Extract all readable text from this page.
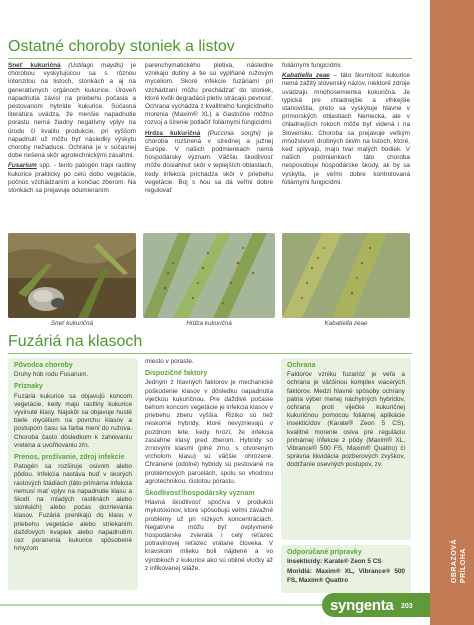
OBRAZOVÁ PRÍLOHA
Ostatné choroby stoniek a listov

Sneť kukuričná (Ustilago maydis) je chorobou vyskytujúcou sa s rôznou intenzitou na listoch, stonkách a aj na generatívnych orgánoch kukurice. Úroveň napadnutia závisí na priebehu počasia a pestovanom hybride kukurice. Súčasná literatúra uvádza, že menšie napadnutie porastu nemá žiadny negatívny vplyv na úrodu či kvalitu produkcie, pri vyššom napadnutí už môžu byť následky výskytu choroby nežiaduce. Ochrana je v súčasnej dobe riešená skôr agrotechnickými zásahmi.

Fusarium spp. - tento patogén trápi rastliny kukurice prakticky po celú dobu vegetácie, počnúc vzchádzaním a končiac zberom. Na stonkách sa prejavuje odumieraním

parenchymatického pletiva, následne vznikajú dutiny a tie sú vyplňané ružovým myceliom. Skoré infekcie fuzáriami pri vzchádzaní môžu prechádzať do stoniek, ktoré kvôli degradácii pletív strácajú pevnosť. Ochrana vychádza z kvalitného fungicídneho morenia (Maxim® XL) a čiastočne môžno rozvoj a šírenie potlačiť foliárnymi fungicídmi.

Hrdza kukuričná (Puccinia sorghi) je choroba rozšírená v strednej a južnej Európe. V našich podmienkach nemá hospodársky význam. Väčšiu škodlivosť môže dosiahnuť skôr v teplejších oblastiach, kedy infekcia prichádza skôr v priebehu vegetácie. Boj s ňou sa dá veľmi dobre regulovať

foliárnymi fungicídmi.

Kabatiella zeae – táto škvrnitosť kukurice nemá zažitý slovenský názov, niektoré zdroje uvádzajú mnohosemienka kukuričná. Je typická pre chladnejšie a vlhkejšie stanovištia, preto sa vyskytuje hlavne v prímorských oblastiach Nemecka, ale v chladnejších rokoch môže byť videná i na Slovensku. Choroba sa prejavuje veľkým množstvom drobných škvŕn na listoch, ktoré, keď splývajú, majú tvar malých bodiek. V našich podmienkach táto choroba nesposobuje hospodárske škody, ak by sa vyskytla, je veľmi dobre kontrolovaná foliárnymi fungicídmi.

Sneť kukuričná	Hrdza kukuričná	Kabatiella zeae
Fuzáriá na klasoch
Pôvodca choroby

Druhy húb rodu Fusarium.

Príznaky

Fuzáriá kukurice sa objavujú koncom vegetácie, kedy majú rastliny kukurice vyvinuté klasy. Najskôr sa objavuje husté biele mycélium na povrchu klasov a postupom času sa farba mení do ružova. Choroba často dôsledkom k zahnivaniu vretena a uvoľňovaniu zŕn.

Prenos, prežívanie, zdroj infekcie

Patogén sa rozširuje osivom alebo pôdou. Infekcia nastáva buď v skorých rastových štádiách (táto primárna infekcia nemusí mať vplyv na napadnutie klasu a škodí na mladých rastlinách alebo stonkách) alebo počas dozrievania klasov. Fuzáriá prenikajú do klasu v priebehu vegetácie alebo striekaním dažďových kvapiek alebo napadnutím cez poranenia kukurice spôsobené hmyzom

miesto v poraste.

Dispozičné faktory

Jedným z hlavných faktorov je mechanické poškodenie klasov v dôsledku napadnutia viječkou kukuričnou. Pre daždivé počasie behom koncom vegetácie je infekcia klasov v priebehu zberu vyššia. Riziko sú tiež neskorné hybridy, ktoré nevyzrievajú v pozdnom lete, kedy hrozí, že infekcia zasiahne klasy pred zberom. Hybridy so zrnovými klasmi (plné zrno, s otvoreným vrcholom klasu) sú väčšie ohrozené. Chránené (odolné) hybridy sú pestované na problémových parcelách, spolu so vhodnou agrotechnikou, čistotou porastu.

Škodlivosť/hospodársky význam

Hlavná škodlivosť spočíva v produkcii mykotoxínov, ktoré spôsobujú veľmi závažné problémy už pri nízkych koncentráciách. Negatívne môžu byť ovplyvnené hospodárske zvieratá i celý reťazec potravinovej reťazec vrátane človeka. V kravskom mlieku boli nájdené a vo výrobkoch z kukurice ako sú obilné vločky až z infikovanej siláže.

Ochrana

Faktorov vzniku fuzarióz je veľa a ochrana je väčšinou komplex viacerých faktorov. Medzi hlavné spôsoby ochrany patria výber menej náchylných hybridov, ochrana proti viječke kukuričnej kukuričnou pomocou foliárnej aplikácie insekticídov (Karate® Zeon 5 CS), kvalitné morenie osiva pre reguláciu primárnej infekcie z pôdy (Maxim® XL, Vibrance® 500 FS, Maxim® Quattro) či správna likvidácia pozberových zvyškov, dodržanie osevných postupov, zv.

Odporúčané prípravky

Insekticídy: Karate® Zeon 5 CS

Moridlá: Maxim® XL, Vibrance® 500 FS, Maxim® Quattro

syngenta 203
